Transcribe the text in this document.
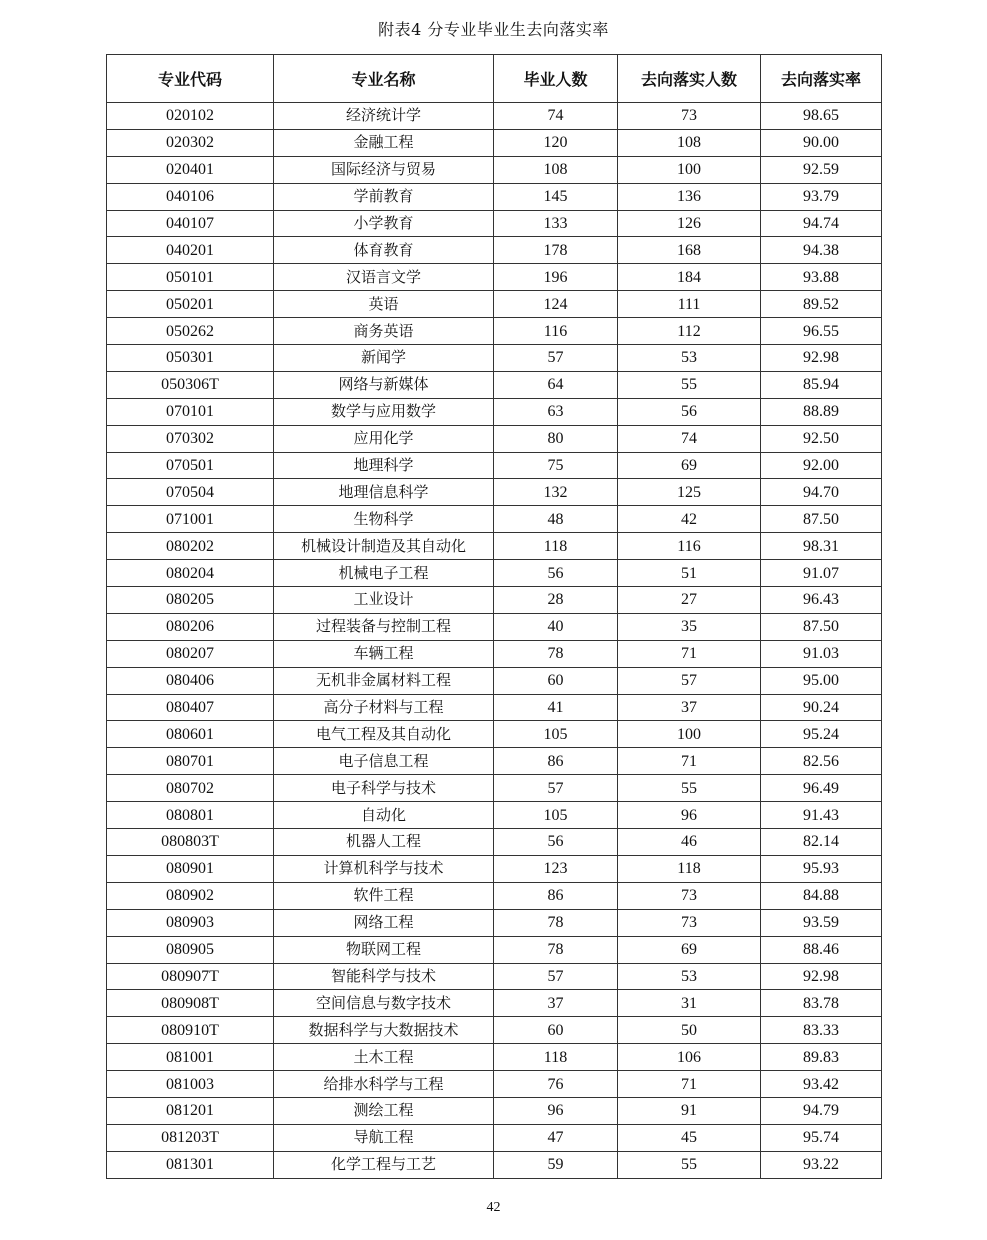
附表4 分专业毕业生去向落实率
专业代码	专业名称	毕业人数	去向落实人数	去向落实率
020102	经济统计学	74	73	98.65
020302	金融工程	120	108	90.00
020401	国际经济与贸易	108	100	92.59
040106	学前教育	145	136	93.79
040107	小学教育	133	126	94.74
040201	体育教育	178	168	94.38
050101	汉语言文学	196	184	93.88
050201	英语	124	111	89.52
050262	商务英语	116	112	96.55
050301	新闻学	57	53	92.98
050306T	网络与新媒体	64	55	85.94
070101	数学与应用数学	63	56	88.89
070302	应用化学	80	74	92.50
070501	地理科学	75	69	92.00
070504	地理信息科学	132	125	94.70
071001	生物科学	48	42	87.50
080202	机械设计制造及其自动化	118	116	98.31
080204	机械电子工程	56	51	91.07
080205	工业设计	28	27	96.43
080206	过程装备与控制工程	40	35	87.50
080207	车辆工程	78	71	91.03
080406	无机非金属材料工程	60	57	95.00
080407	高分子材料与工程	41	37	90.24
080601	电气工程及其自动化	105	100	95.24
080701	电子信息工程	86	71	82.56
080702	电子科学与技术	57	55	96.49
080801	自动化	105	96	91.43
080803T	机器人工程	56	46	82.14
080901	计算机科学与技术	123	118	95.93
080902	软件工程	86	73	84.88
080903	网络工程	78	73	93.59
080905	物联网工程	78	69	88.46
080907T	智能科学与技术	57	53	92.98
080908T	空间信息与数字技术	37	31	83.78
080910T	数据科学与大数据技术	60	50	83.33
081001	土木工程	118	106	89.83
081003	给排水科学与工程	76	71	93.42
081201	测绘工程	96	91	94.79
081203T	导航工程	47	45	95.74
081301	化学工程与工艺	59	55	93.22
42
